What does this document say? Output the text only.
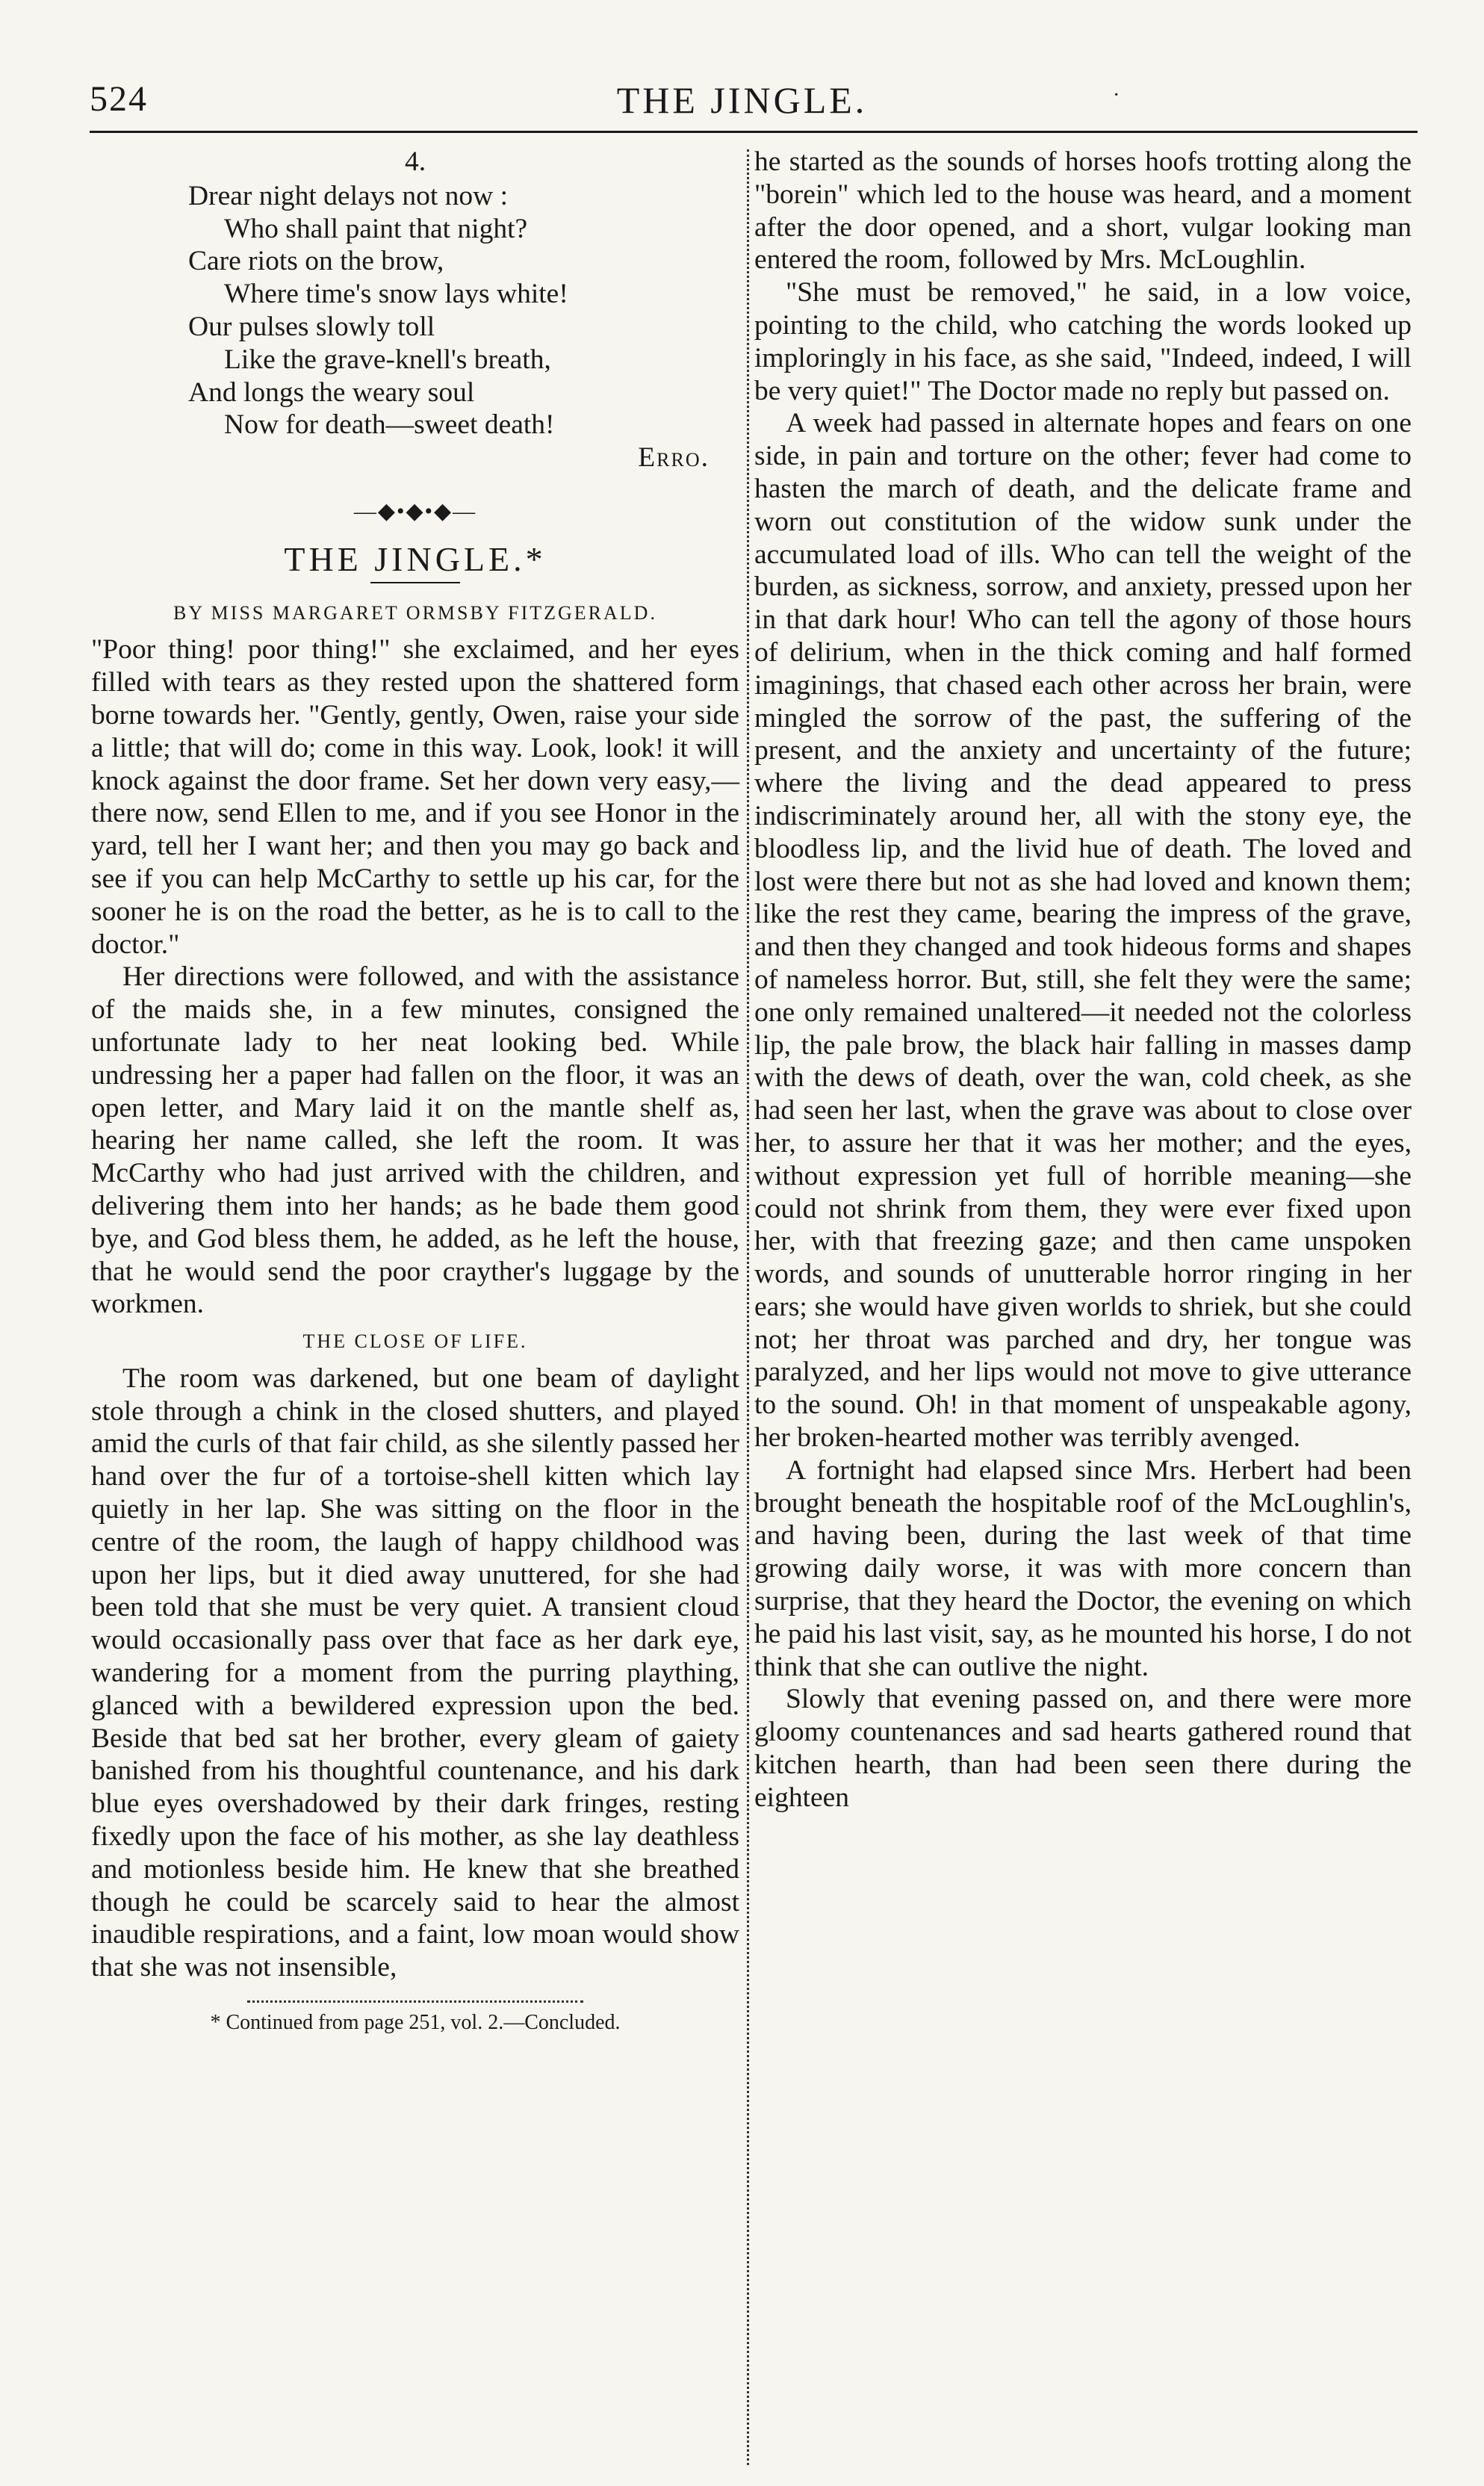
524	THE JINGLE.	·
4.
Drear night delays not now :
Who shall paint that night?
Care riots on the brow,
Where time's snow lays white!
Our pulses slowly toll
Like the grave-knell's breath,
And longs the weary soul
Now for death—sweet death!
Erro.
—◆•◆•◆—
THE JINGLE.*
BY MISS MARGARET ORMSBY FITZGERALD.

"Poor thing! poor thing!" she exclaimed, and her eyes filled with tears as they rested upon the shattered form borne towards her. "Gently, gently, Owen, raise your side a little; that will do; come in this way. Look, look! it will knock against the door frame. Set her down very easy,—there now, send Ellen to me, and if you see Honor in the yard, tell her I want her; and then you may go back and see if you can help McCarthy to settle up his car, for the sooner he is on the road the better, as he is to call to the doctor."

Her directions were followed, and with the assistance of the maids she, in a few minutes, consigned the unfortunate lady to her neat looking bed. While undressing her a paper had fallen on the floor, it was an open letter, and Mary laid it on the mantle shelf as, hearing her name called, she left the room. It was McCarthy who had just arrived with the children, and delivering them into her hands; as he bade them good bye, and God bless them, he added, as he left the house, that he would send the poor crayther's luggage by the workmen.

THE CLOSE OF LIFE.

The room was darkened, but one beam of daylight stole through a chink in the closed shutters, and played amid the curls of that fair child, as she silently passed her hand over the fur of a tortoise-shell kitten which lay quietly in her lap. She was sitting on the floor in the centre of the room, the laugh of happy childhood was upon her lips, but it died away unuttered, for she had been told that she must be very quiet. A transient cloud would occasionally pass over that face as her dark eye, wandering for a moment from the purring plaything, glanced with a bewildered expression upon the bed. Beside that bed sat her brother, every gleam of gaiety banished from his thoughtful countenance, and his dark blue eyes overshadowed by their dark fringes, resting fixedly upon the face of his mother, as she lay deathless and motionless beside him. He knew that she breathed though he could be scarcely said to hear the almost inaudible respirations, and a faint, low moan would show that she was not insensible,

* Continued from page 251, vol. 2.—Concluded.

he started as the sounds of horses hoofs trotting along the "borein" which led to the house was heard, and a moment after the door opened, and a short, vulgar looking man entered the room, followed by Mrs. McLoughlin.

"She must be removed," he said, in a low voice, pointing to the child, who catching the words looked up imploringly in his face, as she said, "Indeed, indeed, I will be very quiet!" The Doctor made no reply but passed on.

A week had passed in alternate hopes and fears on one side, in pain and torture on the other; fever had come to hasten the march of death, and the delicate frame and worn out constitution of the widow sunk under the accumulated load of ills. Who can tell the weight of the burden, as sickness, sorrow, and anxiety, pressed upon her in that dark hour! Who can tell the agony of those hours of delirium, when in the thick coming and half formed imaginings, that chased each other across her brain, were mingled the sorrow of the past, the suffering of the present, and the anxiety and uncertainty of the future; where the living and the dead appeared to press indiscriminately around her, all with the stony eye, the bloodless lip, and the livid hue of death. The loved and lost were there but not as she had loved and known them; like the rest they came, bearing the impress of the grave, and then they changed and took hideous forms and shapes of nameless horror. But, still, she felt they were the same; one only remained unaltered—it needed not the colorless lip, the pale brow, the black hair falling in masses damp with the dews of death, over the wan, cold cheek, as she had seen her last, when the grave was about to close over her, to assure her that it was her mother; and the eyes, without expression yet full of horrible meaning—she could not shrink from them, they were ever fixed upon her, with that freezing gaze; and then came unspoken words, and sounds of unutterable horror ringing in her ears; she would have given worlds to shriek, but she could not; her throat was parched and dry, her tongue was paralyzed, and her lips would not move to give utterance to the sound. Oh! in that moment of unspeakable agony, her broken-hearted mother was terribly avenged.

A fortnight had elapsed since Mrs. Herbert had been brought beneath the hospitable roof of the McLoughlin's, and having been, during the last week of that time growing daily worse, it was with more concern than surprise, that they heard the Doctor, the evening on which he paid his last visit, say, as he mounted his horse, I do not think that she can outlive the night.

Slowly that evening passed on, and there were more gloomy countenances and sad hearts gathered round that kitchen hearth, than had been seen there during the eighteen
